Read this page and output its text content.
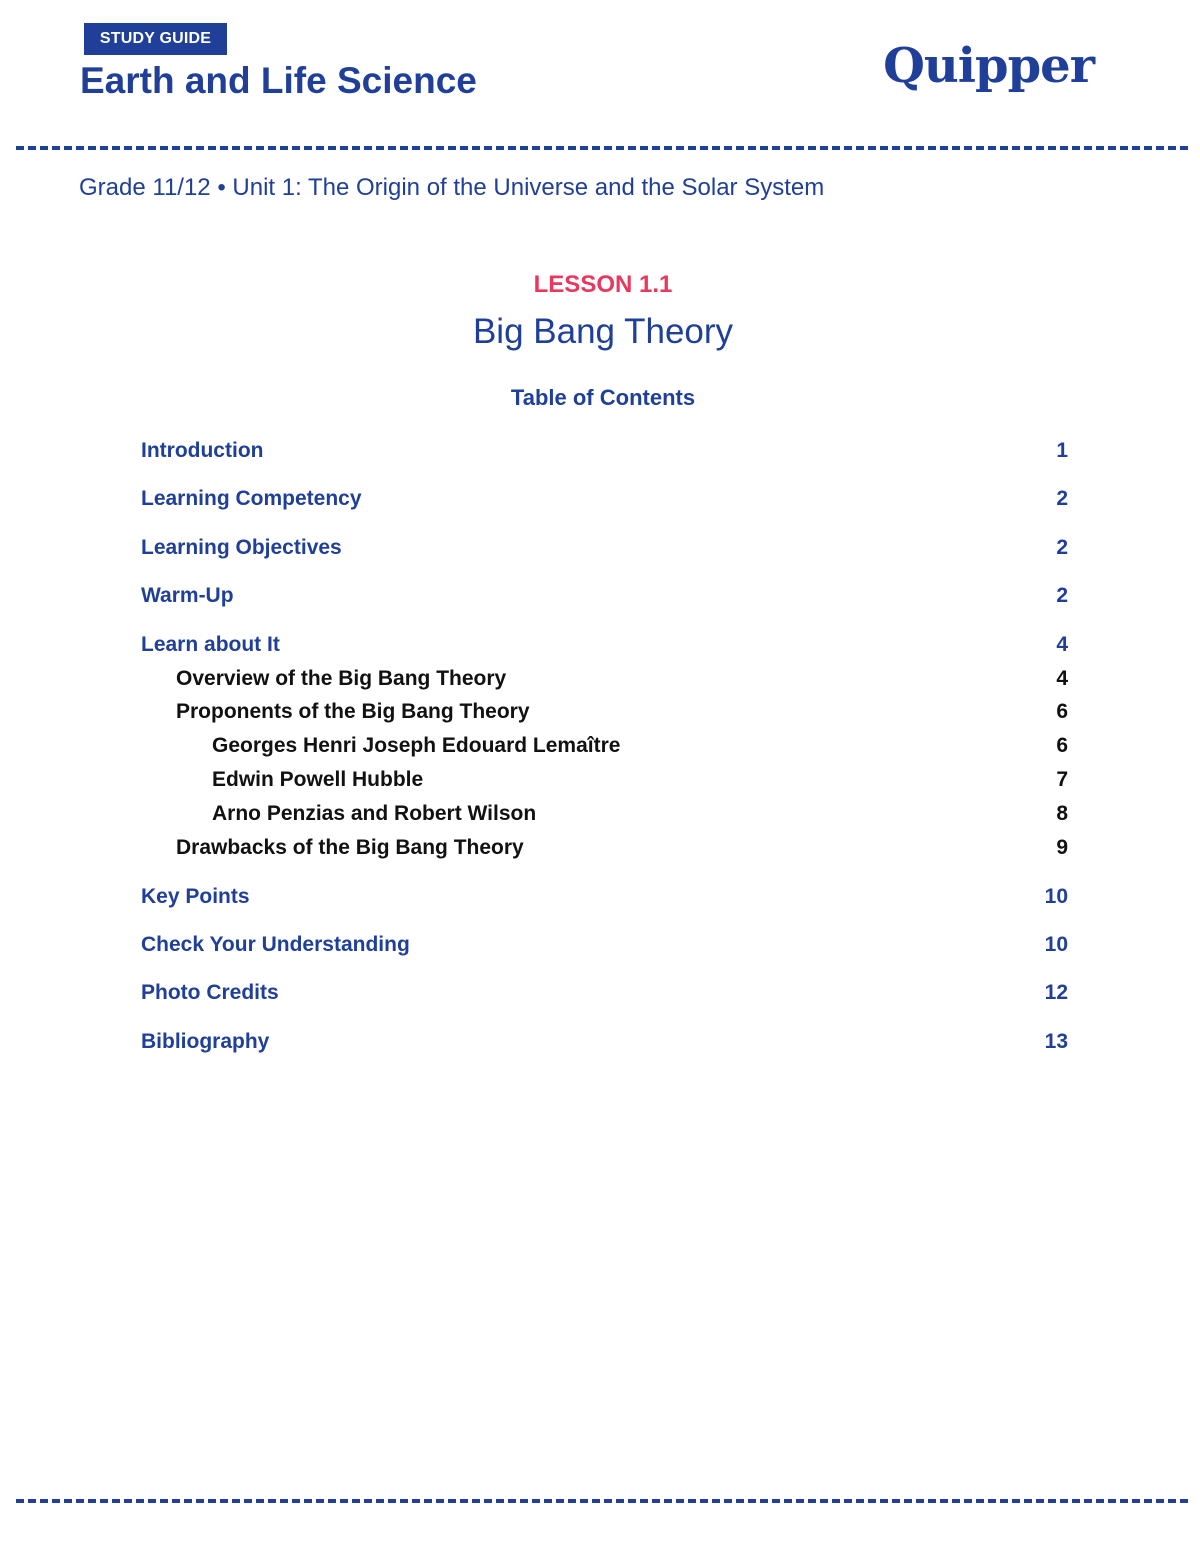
STUDY GUIDE
Earth and Life Science	Quipper
Grade 11/12 • Unit 1: The Origin of the Universe and the Solar System
LESSON 1.1
Big Bang Theory
Table of Contents
Introduction	1
Learning Competency	2
Learning Objectives	2
Warm-Up	2
Learn about It	4
Overview of the Big Bang Theory	4
Proponents of the Big Bang Theory	6
Georges Henri Joseph Edouard Lemaître	6
Edwin Powell Hubble	7
Arno Penzias and Robert Wilson	8
Drawbacks of the Big Bang Theory	9
Key Points	10
Check Your Understanding	10
Photo Credits	12
Bibliography	13
